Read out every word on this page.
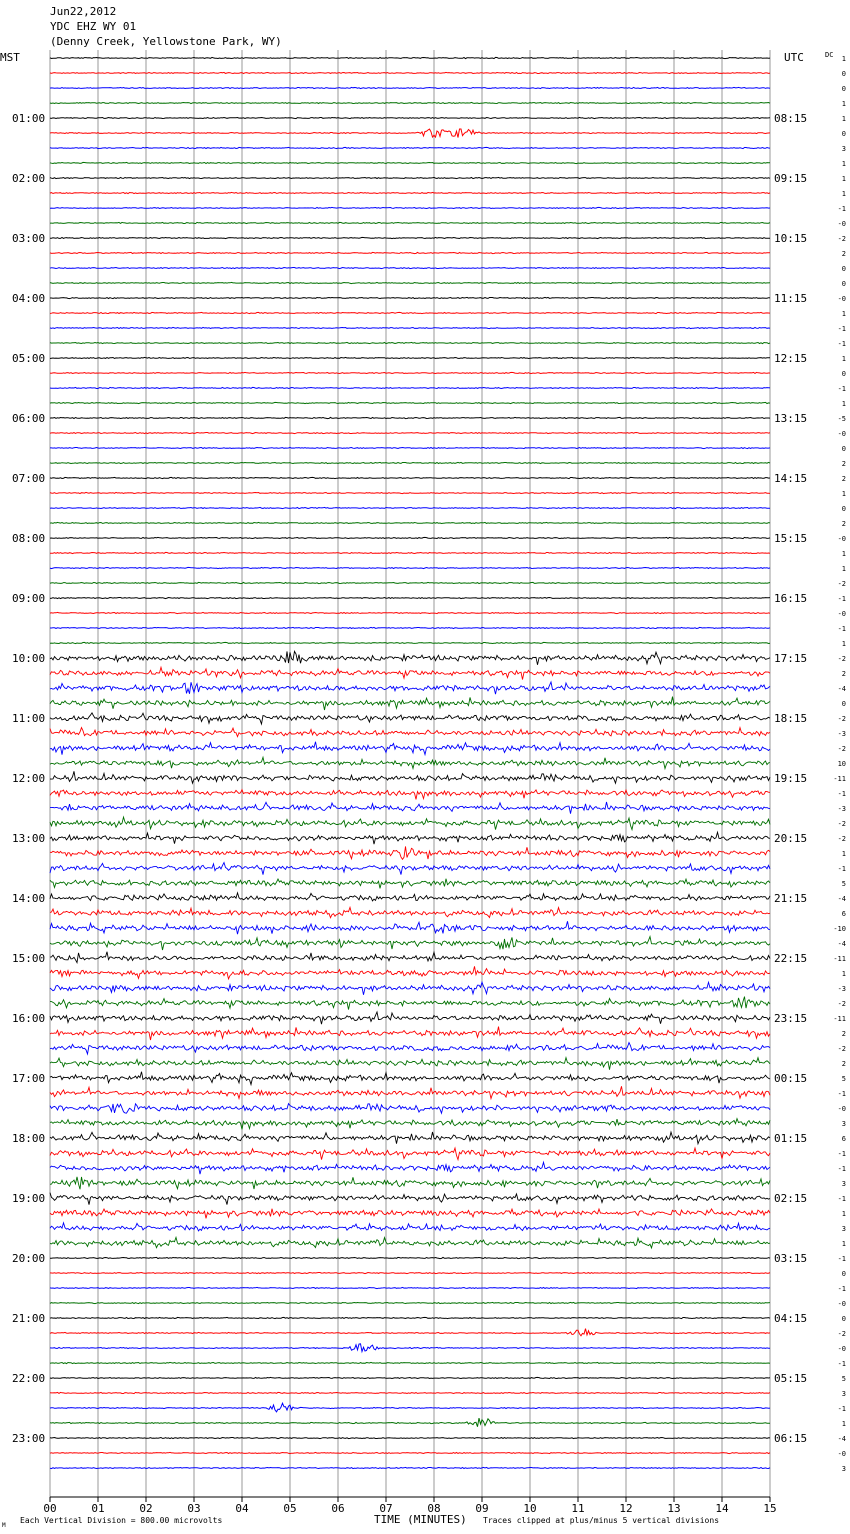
Jun22,2012
YDC EHZ WY 01
(Denny Creek, Yellowstone Park, WY)
MST	UTC	DC
01:00
02:00
03:00
04:00
05:00
06:00
07:00
08:00
09:00
10:00
11:00
12:00
13:00
14:00
15:00
16:00
17:00
18:00
19:00
20:00
21:00
22:00
23:00
08:15
09:15
10:15
11:15
12:15
13:15
14:15
15:15
16:15
17:15
18:15
19:15
20:15
21:15
22:15
23:15
00:15
01:15
02:15
03:15
04:15
05:15
06:15
1
0
0
1
1
0
3
1
1
1
-1
-0
-2
2
0
0
-0
1
-1
-1
1
0
-1
1
-5
-0
0
2
2
1
0
2
-0
1
1
-2
-1
-0
-1
1
-2
2
-4
0
-2
-3
-2
10
-11
-1
-3
-2
-2
1
-1
5
-4
6
-10
-4
-11
1
-3
-2
-11
2
-2
2
5
-1
-0
3
6
-1
-1
3
-1
1
3
1
-1
0
-1
-0
0
-2
-0
-1
5
3
-1
1
-4
-0
3
00	01	02	03	04	05	06	07	08	09	10	11	12	13	14	15
M
Each Vertical Division = 800.00 microvolts	TIME (MINUTES) Traces clipped at plus/minus 5 vertical divisions
